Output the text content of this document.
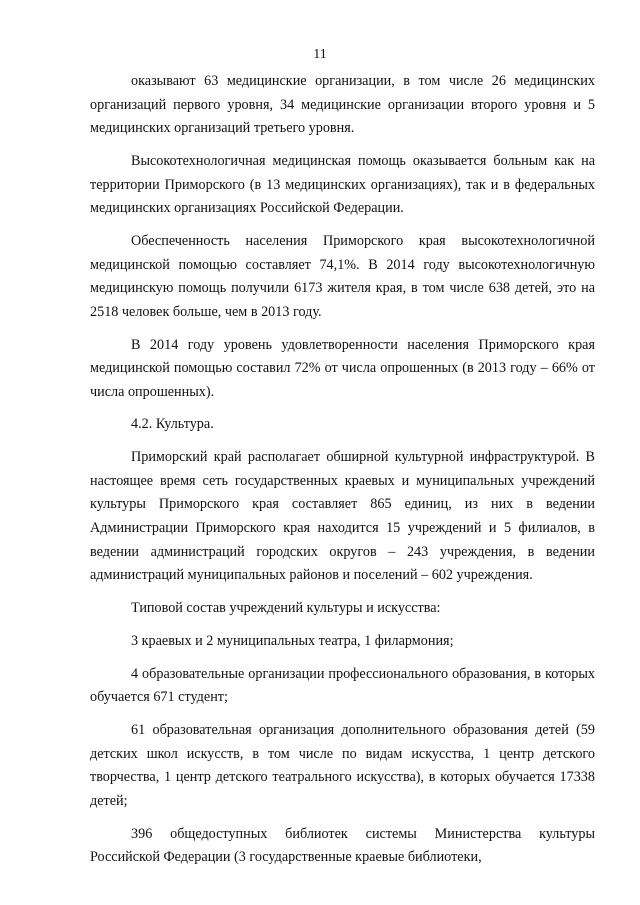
11

оказывают 63 медицинские организации, в том числе 26 медицинских организаций первого уровня, 34 медицинские организации второго уровня и 5 медицинских организаций третьего уровня.

Высокотехнологичная медицинская помощь оказывается больным как на территории Приморского (в 13 медицинских организациях), так и в федеральных медицинских организациях Российской Федерации.

Обеспеченность населения Приморского края высокотехнологичной медицинской помощью составляет 74,1%. В 2014 году высокотехнологичную медицинскую помощь получили 6173 жителя края, в том числе 638 детей, это на 2518 человек больше, чем в 2013 году.

В 2014 году уровень удовлетворенности населения Приморского края медицинской помощью составил 72% от числа опрошенных (в 2013 году – 66% от числа опрошенных).

4.2. Культура.

Приморский край располагает обширной культурной инфраструктурой. В настоящее время сеть государственных краевых и муниципальных учреждений культуры Приморского края составляет 865 единиц, из них в ведении Администрации Приморского края находится 15 учреждений и 5 филиалов, в ведении администраций городских округов – 243 учреждения, в ведении администраций муниципальных районов и поселений – 602 учреждения.

Типовой состав учреждений культуры и искусства:

3 краевых и 2 муниципальных театра, 1 филармония;

4 образовательные организации профессионального образования, в которых обучается 671 студент;

61 образовательная организация дополнительного образования детей (59 детских школ искусств, в том числе по видам искусства, 1 центр детского творчества, 1 центр детского театрального искусства), в которых обучается 17338 детей;

396 общедоступных библиотек системы Министерства культуры Российской Федерации (3 государственные краевые библиотеки,
